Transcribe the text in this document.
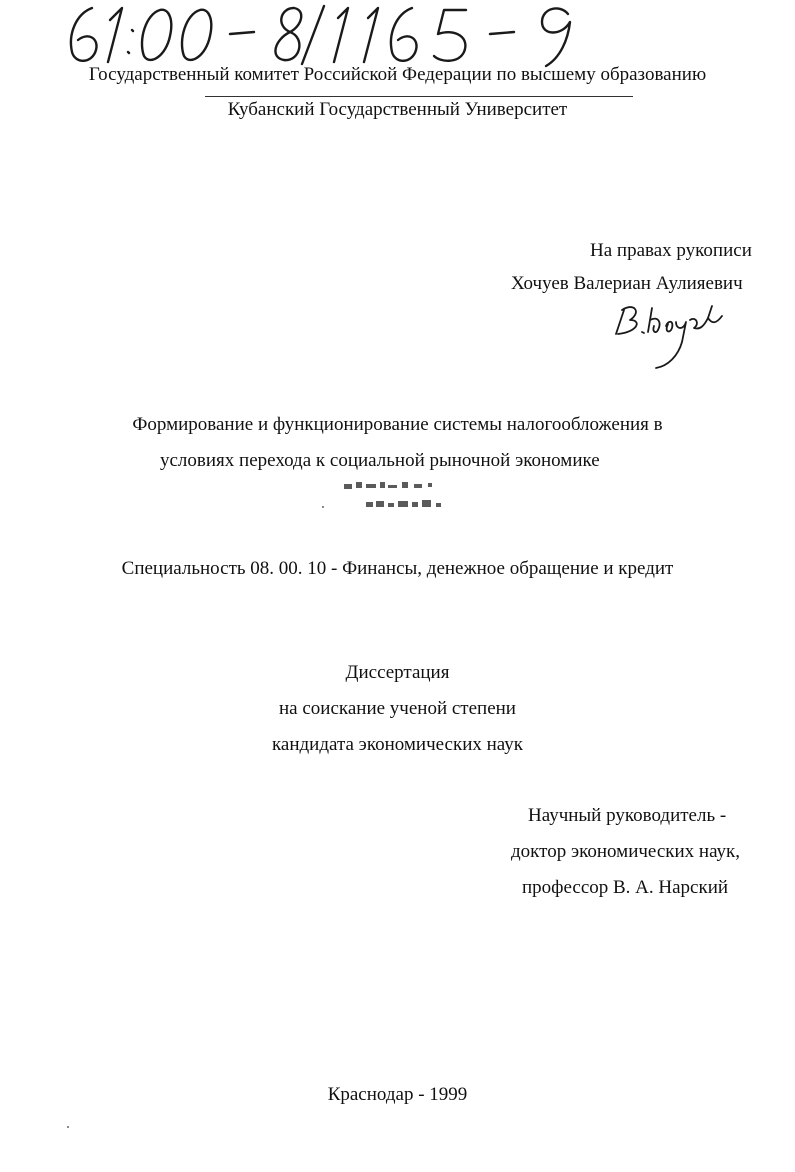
Государственный комитет Российской Федерации по высшему образованию
Кубанский Государственный Университет
На правах рукописи
Хочуев Валериан Аулияевич
Формирование и функционирование системы налогообложения в
условиях перехода к социальной рыночной экономике
Специальность 08. 00. 10 - Финансы, денежное обращение и кредит
Диссертация
на соискание ученой степени
кандидата экономических наук
Научный руководитель -
доктор экономических наук,
профессор В. А. Нарский
Краснодар - 1999
